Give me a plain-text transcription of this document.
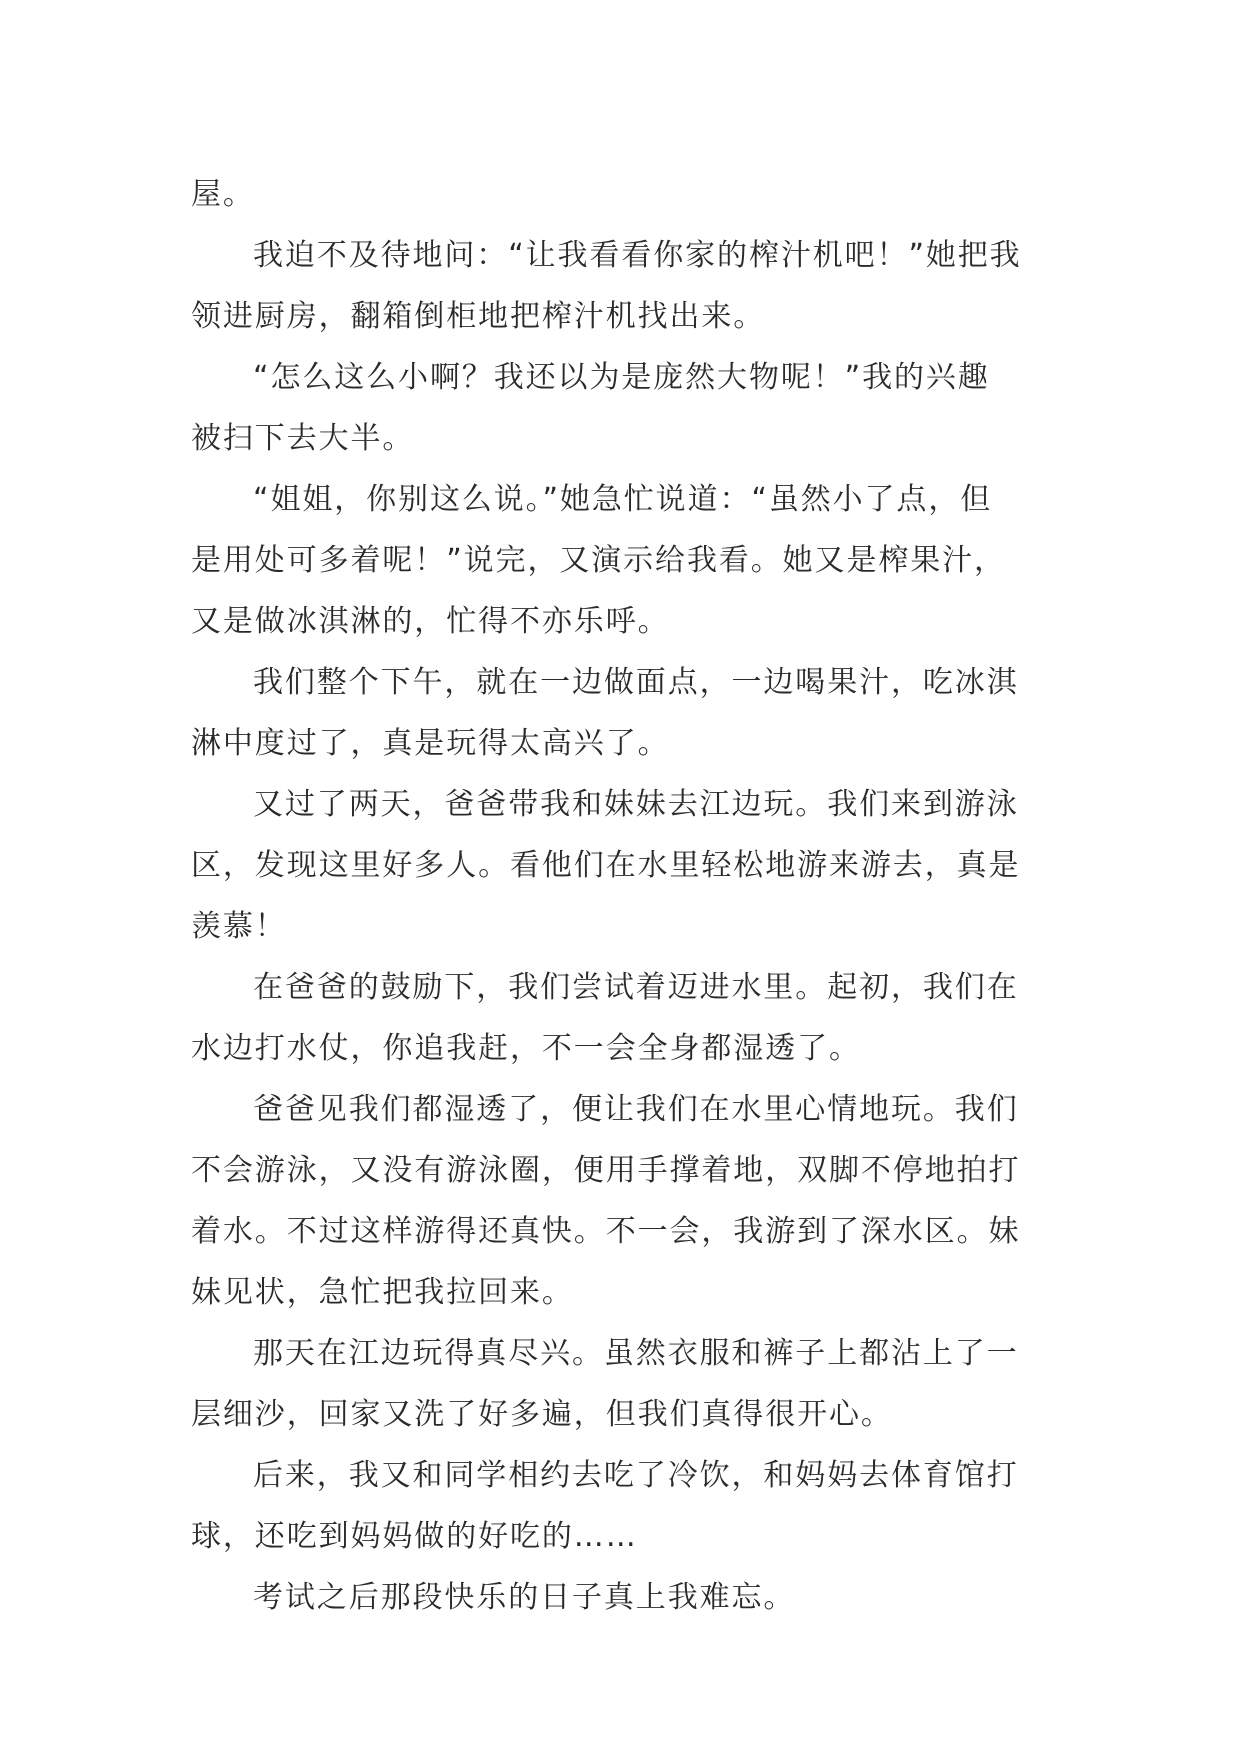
屋。
我迫不及待地问：“让我看看你家的榨汁机吧！”她把我
领进厨房，翻箱倒柜地把榨汁机找出来。
“怎么这么小啊？我还以为是庞然大物呢！”我的兴趣
被扫下去大半。
“姐姐，你别这么说。”她急忙说道：“虽然小了点，但
是用处可多着呢！”说完，又演示给我看。她又是榨果汁，
又是做冰淇淋的，忙得不亦乐呼。
我们整个下午，就在一边做面点，一边喝果汁，吃冰淇
淋中度过了，真是玩得太高兴了。
又过了两天，爸爸带我和妹妹去江边玩。我们来到游泳
区，发现这里好多人。看他们在水里轻松地游来游去，真是
羡慕！
在爸爸的鼓励下，我们尝试着迈进水里。起初，我们在
水边打水仗，你追我赶，不一会全身都湿透了。
爸爸见我们都湿透了，便让我们在水里心情地玩。我们
不会游泳，又没有游泳圈，便用手撑着地，双脚不停地拍打
着水。不过这样游得还真快。不一会，我游到了深水区。妹
妹见状，急忙把我拉回来。
那天在江边玩得真尽兴。虽然衣服和裤子上都沾上了一
层细沙，回家又洗了好多遍，但我们真得很开心。
后来，我又和同学相约去吃了冷饮，和妈妈去体育馆打
球，还吃到妈妈做的好吃的……
考试之后那段快乐的日子真上我难忘。
